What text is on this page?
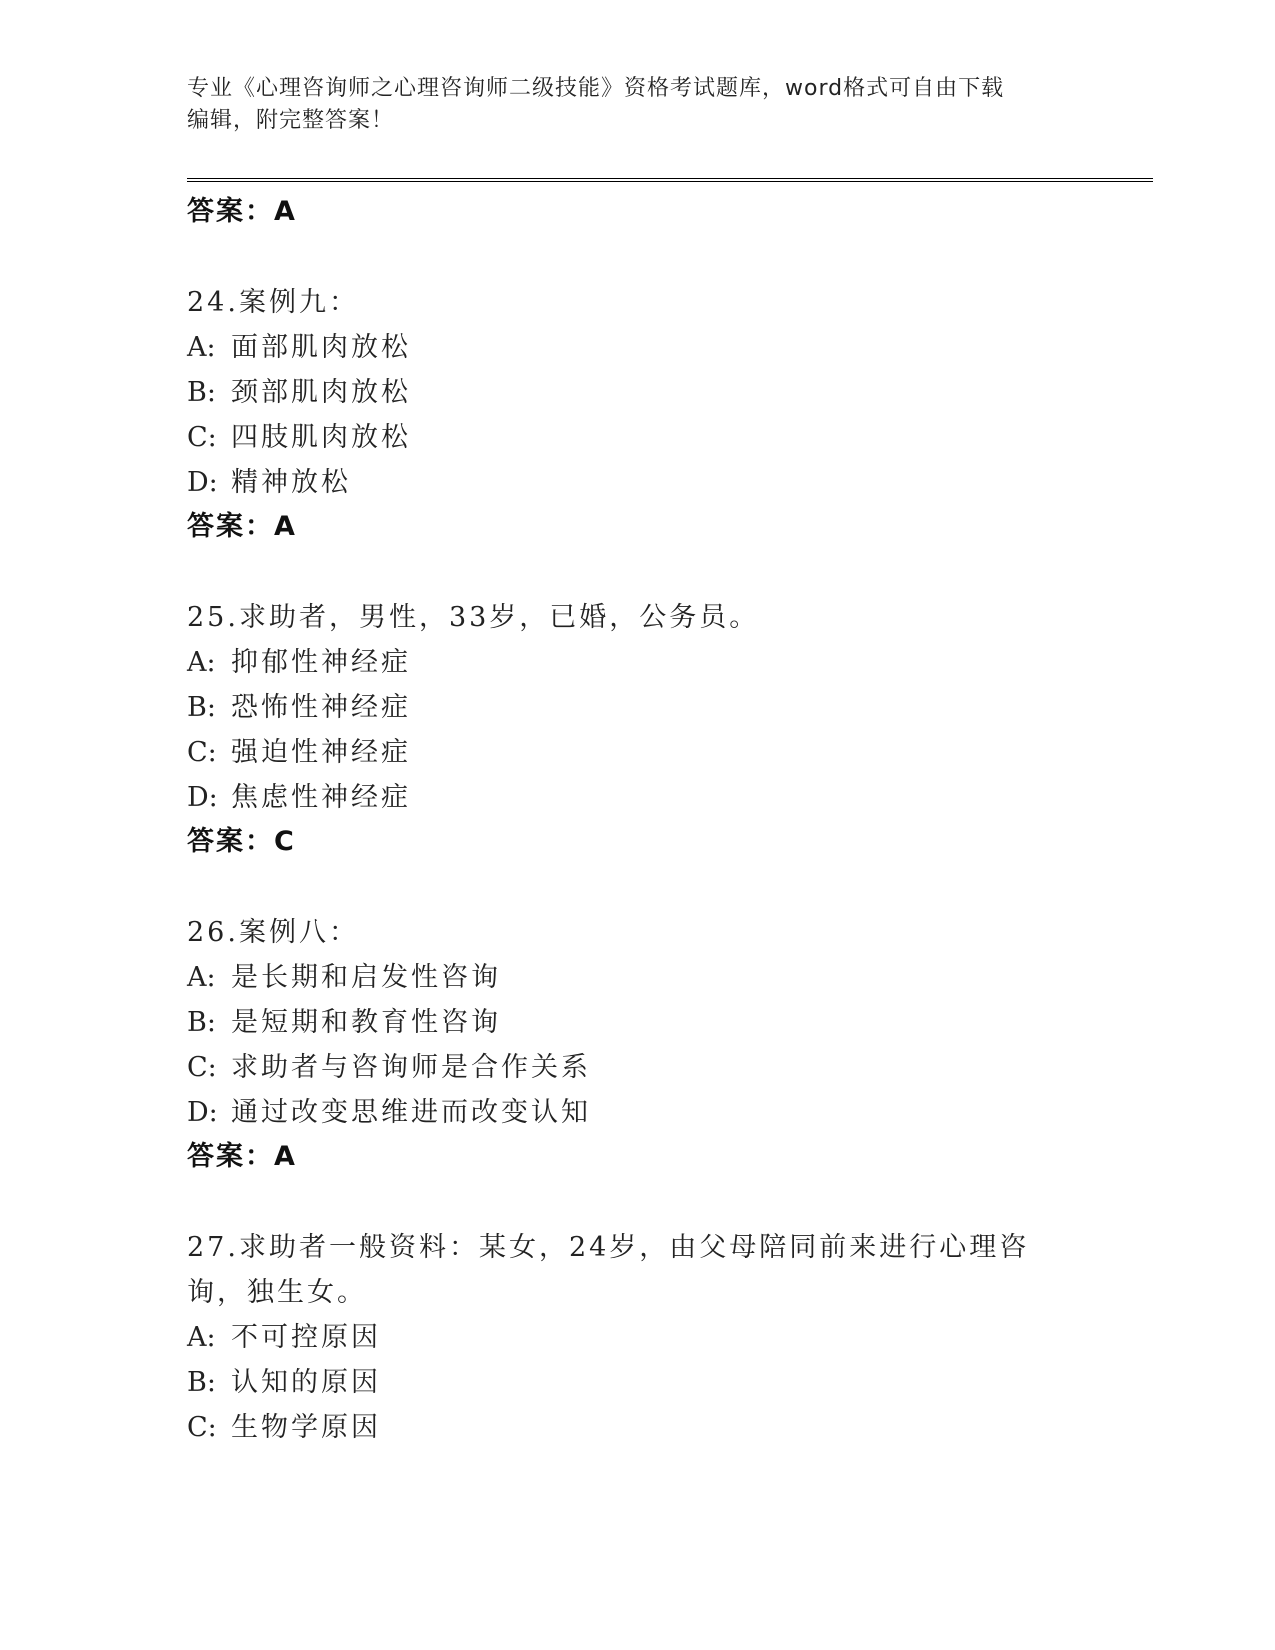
专业《心理咨询师之心理咨询师二级技能》资格考试题库，word格式可自由下载
编辑，附完整答案！
答案：A
24.案例九：
A: 面部肌肉放松
B: 颈部肌肉放松
C: 四肢肌肉放松
D: 精神放松
答案：A
25.求助者，男性，33岁，已婚，公务员。
A: 抑郁性神经症
B: 恐怖性神经症
C: 强迫性神经症
D: 焦虑性神经症
答案：C
26.案例八：
A: 是长期和启发性咨询
B: 是短期和教育性咨询
C: 求助者与咨询师是合作关系
D: 通过改变思维进而改变认知
答案：A
27.求助者一般资料：某女，24岁，由父母陪同前来进行心理咨询，独生女。
A: 不可控原因
B: 认知的原因
C: 生物学原因
